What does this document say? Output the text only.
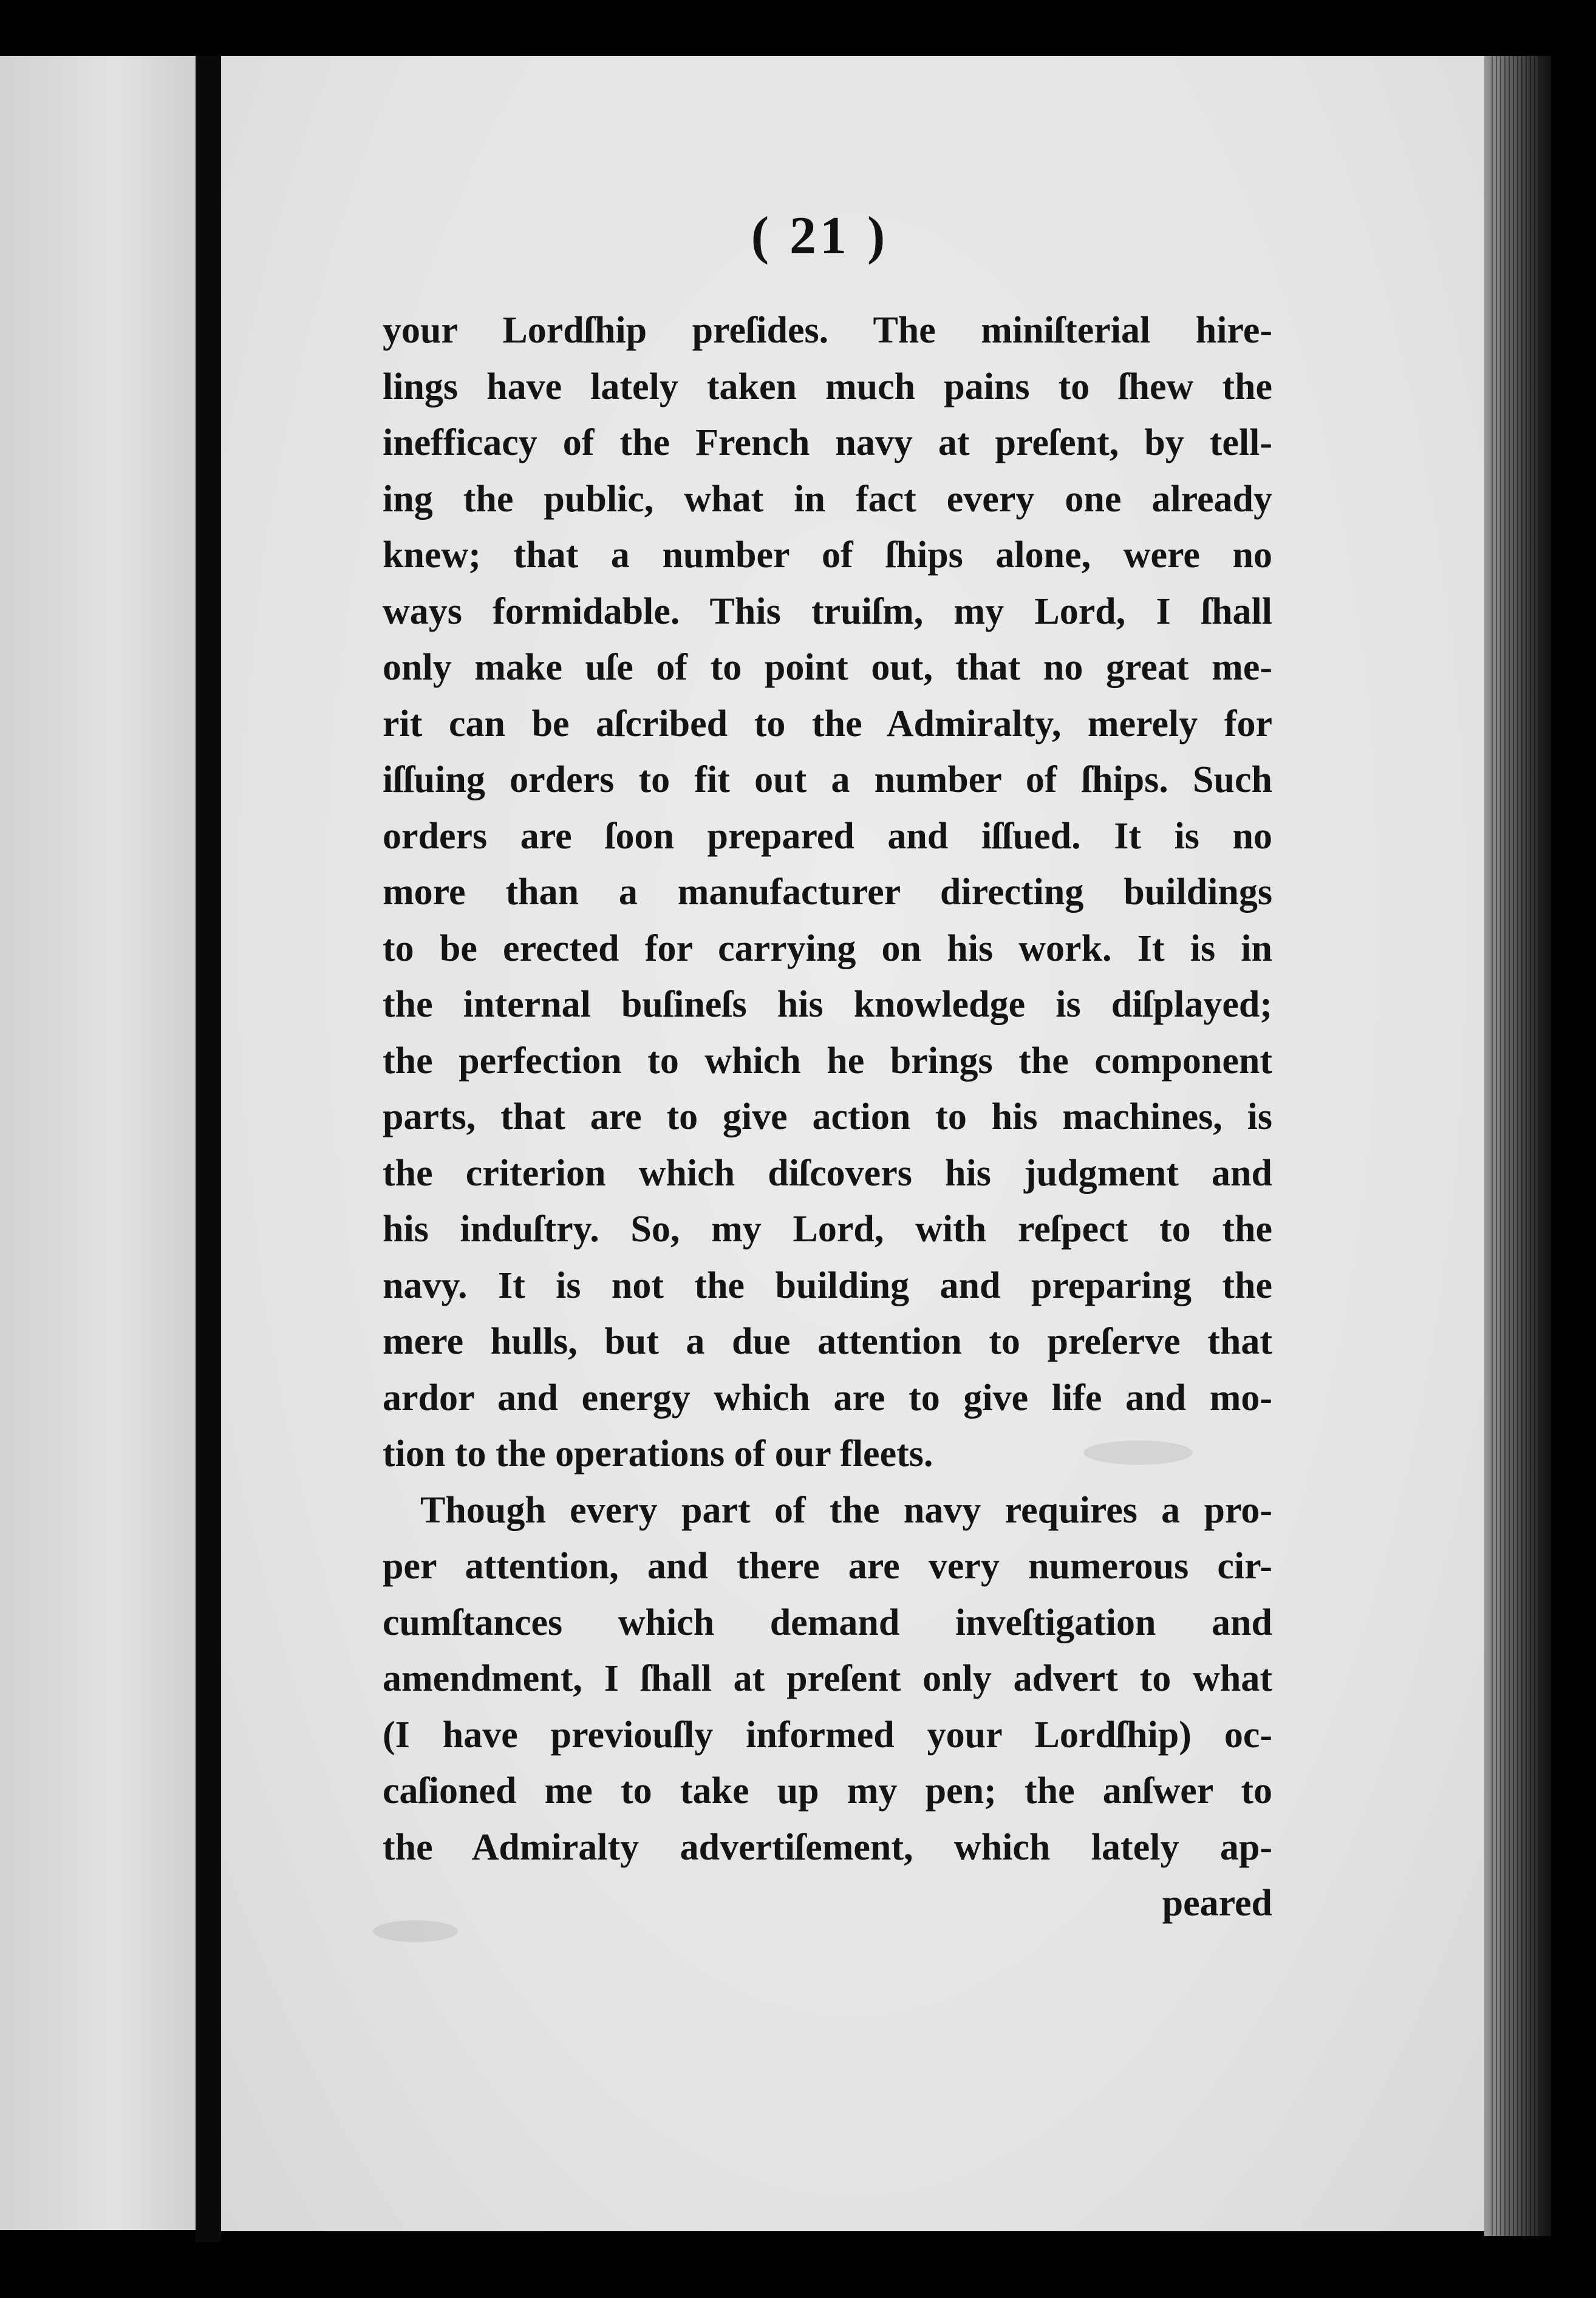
( 21 )
your Lordſhip preſides. The miniſterial hire-
lings have lately taken much pains to ſhew the
inefficacy of the French navy at preſent, by tell-
ing the public, what in fact every one already
knew; that a number of ſhips alone, were no
ways formidable. This truiſm, my Lord, I ſhall
only make uſe of to point out, that no great me-
rit can be aſcribed to the Admiralty, merely for
iſſuing orders to fit out a number of ſhips. Such
orders are ſoon prepared and iſſued. It is no
more than a manufacturer directing buildings
to be erected for carrying on his work. It is in
the internal buſineſs his knowledge is diſplayed;
the perfection to which he brings the component
parts, that are to give action to his machines, is
the criterion which diſcovers his judgment and
his induſtry. So, my Lord, with reſpect to the
navy. It is not the building and preparing the
mere hulls, but a due attention to preſerve that
ardor and energy which are to give life and mo-
tion to the operations of our fleets.
Though every part of the navy requires a pro-
per attention, and there are very numerous cir-
cumſtances which demand inveſtigation and
amendment, I ſhall at preſent only advert to what
(I have previouſly informed your Lordſhip) oc-
caſioned me to take up my pen; the anſwer to
the Admiralty advertiſement, which lately ap-
peared
